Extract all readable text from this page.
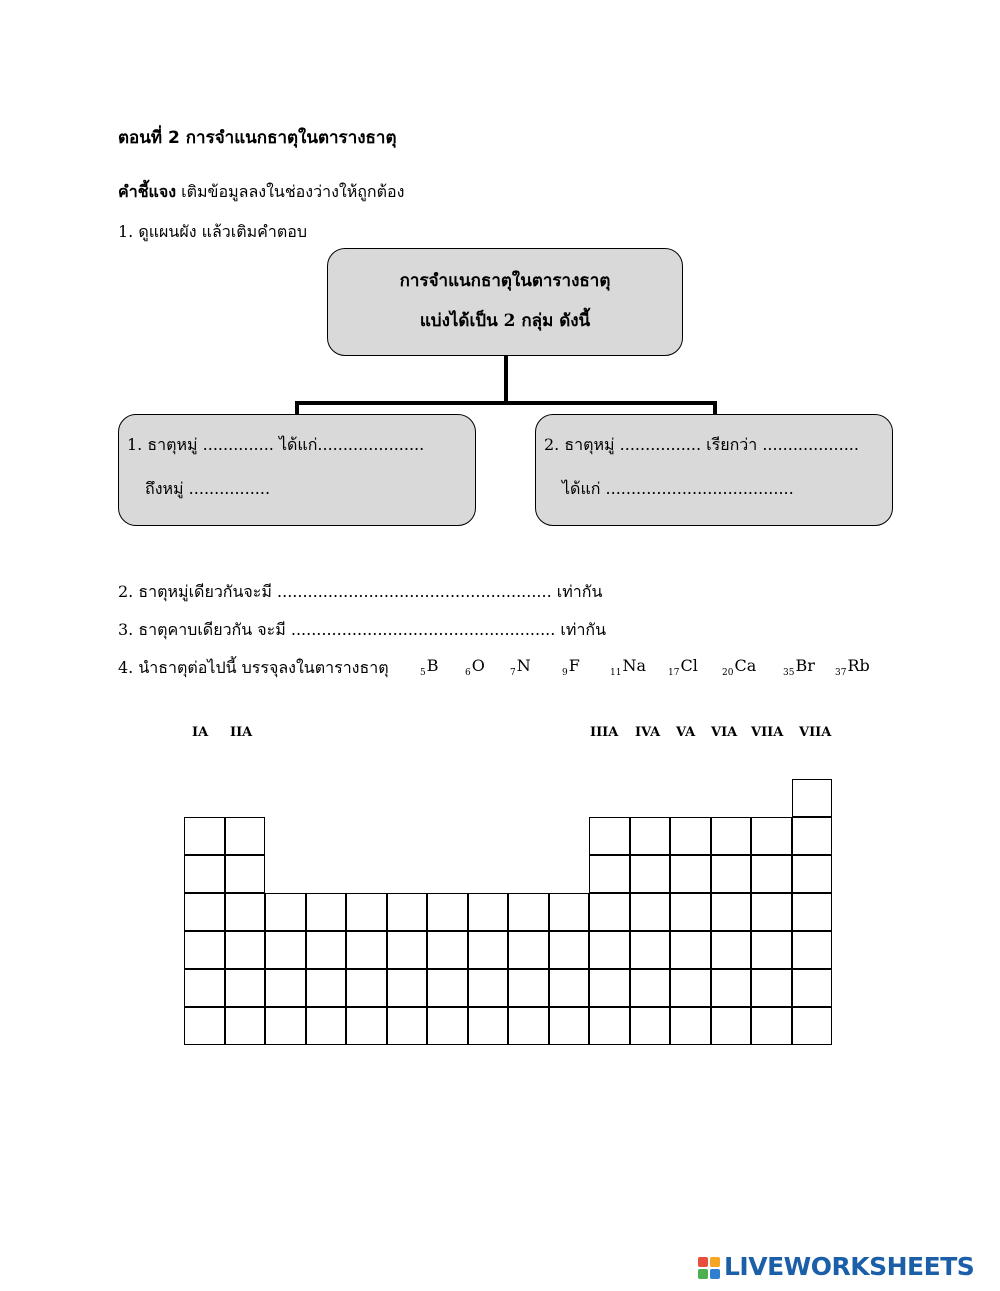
ตอนที่ 2 การจำแนกธาตุในตารางธาตุ
คำชี้แจง เติมข้อมูลลงในช่องว่างให้ถูกต้อง
1. ดูแผนผัง แล้วเติมคำตอบ
การจำแนกธาตุในตารางธาตุ
แบ่งได้เป็น 2 กลุ่ม ดังนี้
1. ธาตุหมู่ .............. ได้แก่.....................
ถึงหมู่ ................
2. ธาตุหมู่ ................ เรียกว่า ...................
ได้แก่ .....................................
2. ธาตุหมู่เดียวกันจะมี ...................................................... เท่ากัน
3. ธาตุคาบเดียวกัน จะมี .................................................... เท่ากัน
4. นำธาตุต่อไปนี้ บรรจุลงในตารางธาตุ	$_5$B	$_6$O	$_7$N	$_9$F	$_{11}$Na $_{17}$Cl	$_{20}$Ca	$_{35}$Br $_{37}$Rb
IA IIA	IIIA IVA VA VIA VIIA VIIA
LIVEWORKSHEETS
